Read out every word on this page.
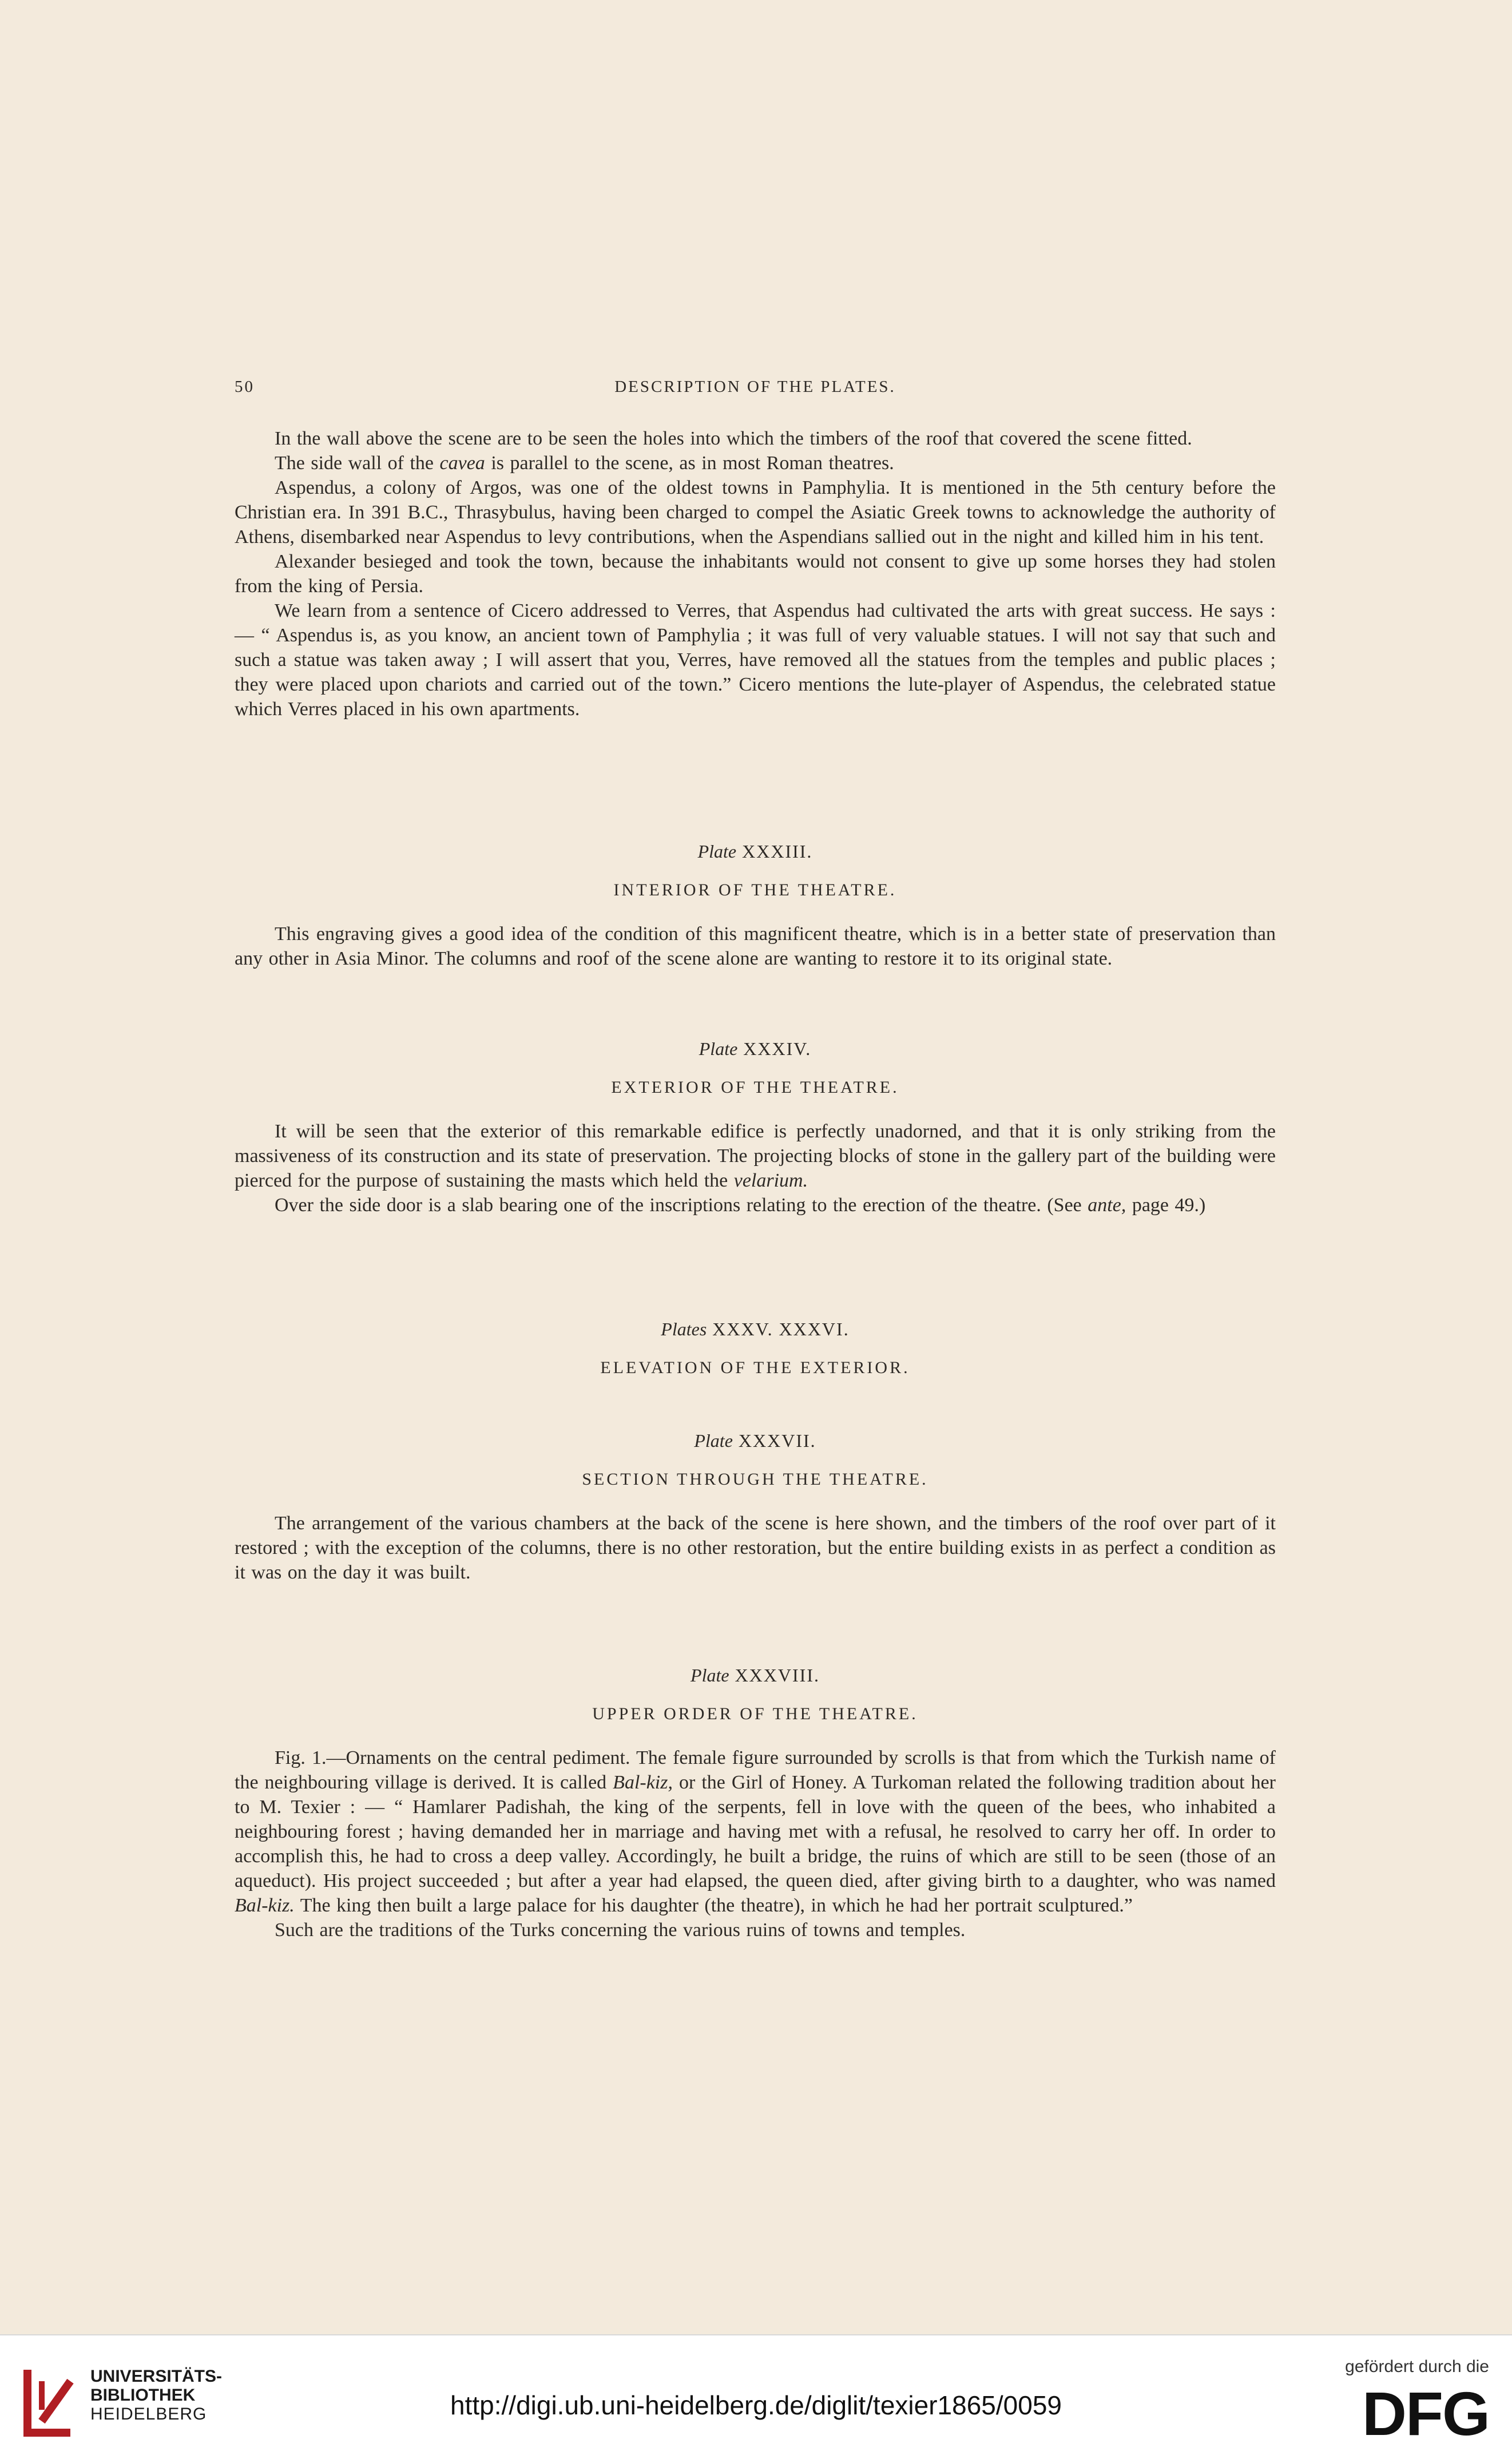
50	DESCRIPTION OF THE PLATES.

In the wall above the scene are to be seen the holes into which the timbers of the roof that covered the scene fitted.

The side wall of the cavea is parallel to the scene, as in most Roman theatres.

Aspendus, a colony of Argos, was one of the oldest towns in Pamphylia. It is mentioned in the 5th century before the Christian era. In 391 B.C., Thrasybulus, having been charged to compel the Asiatic Greek towns to acknowledge the authority of Athens, disembarked near Aspendus to levy contributions, when the Aspendians sallied out in the night and killed him in his tent.

Alexander besieged and took the town, because the inhabitants would not consent to give up some horses they had stolen from the king of Persia.

We learn from a sentence of Cicero addressed to Verres, that Aspendus had cultivated the arts with great success. He says : — “ Aspendus is, as you know, an ancient town of Pamphylia ; it was full of very valuable statues. I will not say that such and such a statue was taken away ; I will assert that you, Verres, have removed all the statues from the temples and public places ; they were placed upon chariots and carried out of the town.” Cicero mentions the lute-player of Aspendus, the celebrated statue which Verres placed in his own apartments.

Plate XXXIII.
INTERIOR OF THE THEATRE.

This engraving gives a good idea of the condition of this magnificent theatre, which is in a better state of preservation than any other in Asia Minor. The columns and roof of the scene alone are wanting to restore it to its original state.

Plate XXXIV.
EXTERIOR OF THE THEATRE.

It will be seen that the exterior of this remarkable edifice is perfectly unadorned, and that it is only striking from the massiveness of its construction and its state of preservation. The projecting blocks of stone in the gallery part of the building were pierced for the purpose of sustaining the masts which held the velarium.

Over the side door is a slab bearing one of the inscriptions relating to the erection of the theatre. (See ante, page 49.)

Plates XXXV. XXXVI.
ELEVATION OF THE EXTERIOR.
Plate XXXVII.
SECTION THROUGH THE THEATRE.

The arrangement of the various chambers at the back of the scene is here shown, and the timbers of the roof over part of it restored ; with the exception of the columns, there is no other restoration, but the entire building exists in as perfect a condition as it was on the day it was built.

Plate XXXVIII.
UPPER ORDER OF THE THEATRE.

Fig. 1.—Ornaments on the central pediment. The female figure surrounded by scrolls is that from which the Turkish name of the neighbouring village is derived. It is called Bal-kiz, or the Girl of Honey. A Turkoman related the following tradition about her to M. Texier : — “ Hamlarer Padishah, the king of the serpents, fell in love with the queen of the bees, who inhabited a neighbouring forest ; having demanded her in marriage and having met with a refusal, he resolved to carry her off. In order to accomplish this, he had to cross a deep valley. Accordingly, he built a bridge, the ruins of which are still to be seen (those of an aqueduct). His project succeeded ; but after a year had elapsed, the queen died, after giving birth to a daughter, who was named Bal-kiz. The king then built a large palace for his daughter (the theatre), in which he had her portrait sculptured.”

Such are the traditions of the Turks concerning the various ruins of towns and temples.

UNIVERSITÄTS-
BIBLIOTHEK
HEIDELBERG	http://digi.ub.uni-heidelberg.de/diglit/texier1865/0059
gefördert durch die
DFG
